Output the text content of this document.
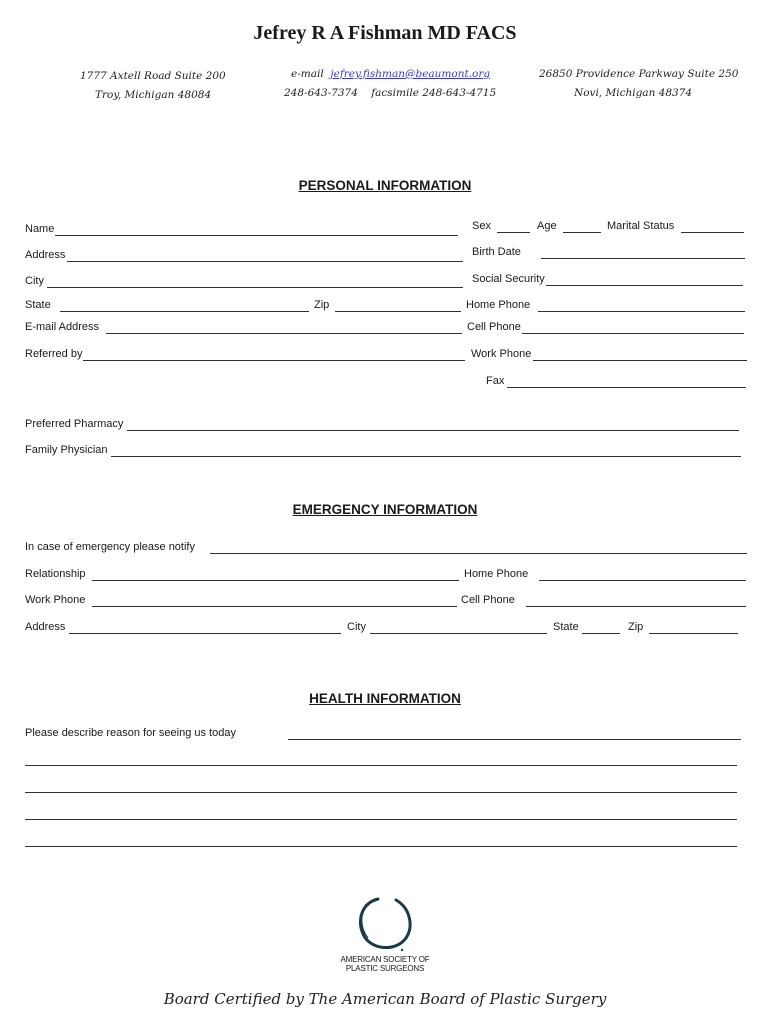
Jefrey R A Fishman MD FACS
1777 Axtell Road Suite 200
Troy, Michigan 48084
e-mail jefrey.fishman@beaumont.org
248-643-7374 facsimile 248-643-4715
26850 Providence Parkway Suite 250
Novi, Michigan 48374
PERSONAL INFORMATION
Name	Sex	Age	Marital Status
Address	Birth Date
City	Social Security
State	Zip	Home Phone
E-mail Address	Cell Phone
Referred by	Work Phone
Fax
Preferred Pharmacy
Family Physician
EMERGENCY INFORMATION
In case of emergency please notify
Relationship	Home Phone
Work Phone	Cell Phone
Address	City	State	Zip
HEALTH INFORMATION
Please describe reason for seeing us today
AMERICAN SOCIETY OF
PLASTIC SURGEONS
Board Certified by The American Board of Plastic Surgery
